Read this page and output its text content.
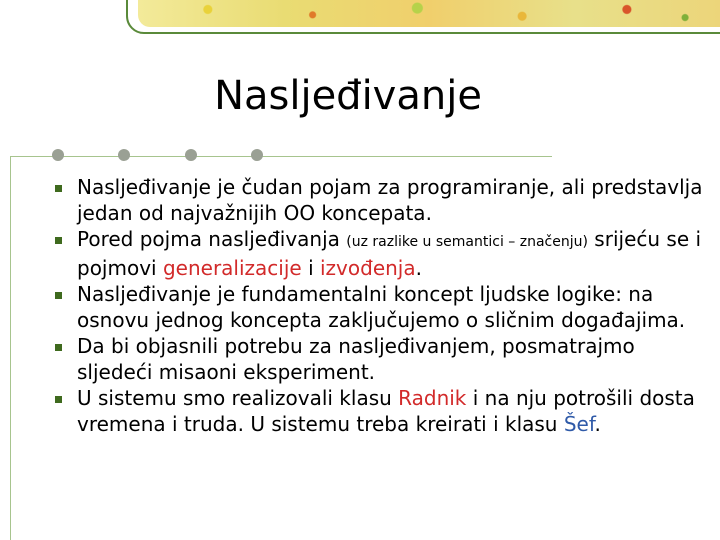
Nasljeđivanje
Nasljeđivanje je čudan pojam za programiranje, ali predstavlja jedan od najvažnijih OO koncepata.
Pored pojma nasljeđivanja (uz razlike u semantici – značenju) srijeću se i pojmovi generalizacije i izvođenja.
Nasljeđivanje je fundamentalni koncept ljudske logike: na osnovu jednog koncepta zaključujemo o sličnim događajima.
Da bi objasnili potrebu za nasljeđivanjem, posmatrajmo sljedeći misaoni eksperiment.
U sistemu smo realizovali klasu Radnik i na nju potrošili dosta vremena i truda. U sistemu treba kreirati i klasu Šef.
